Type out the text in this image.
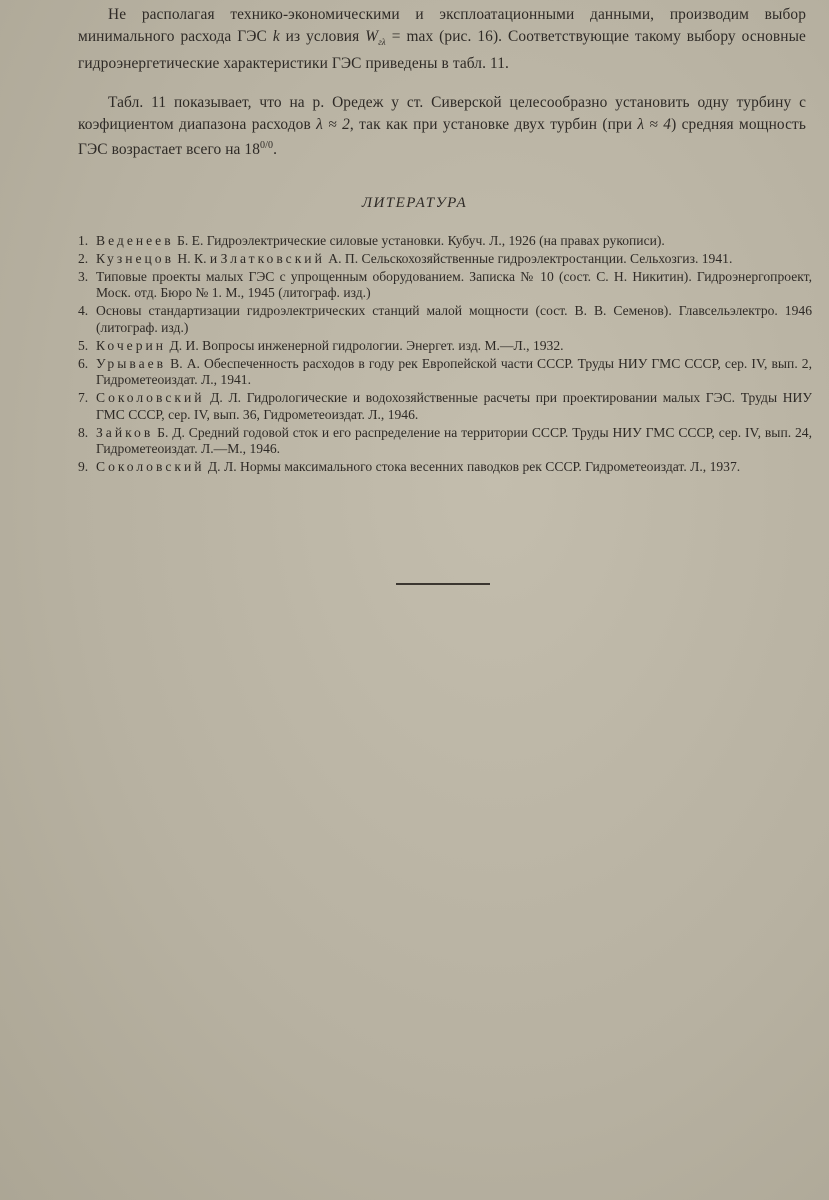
Не располагая технико-экономическими и эксплоатационными данными, производим выбор минимального расхода ГЭС k из условия $W_{г\lambda} = \max (рис$. 16). Соответствующие такому выбору основные гидроэнергетические характеристики ГЭС приведены в табл. 11.

Табл. 11 показывает, что на р. Оредеж у ст. Сиверской целесообразно установить одну турбину с коэфициентом диапазона расходов λ ≈ 2, так как при установке двух турбин (при λ ≈ 4) средняя мощность ГЭС возрастает всего на $18^{0/0}$.

ЛИТЕРАТУРА
1. Веденеев Б. Е. Гидроэлектрические силовые установки. Кубуч. Л., 1926 (на правах рукописи).
2. Кузнецов Н. К. и Златковский А. П. Сельскохозяйственные гидроэлектростанции. Сельхозгиз. 1941.
3. Типовые проекты малых ГЭС с упрощенным оборудованием. Записка № 10 (сост. С. Н. Никитин). Гидроэнергопроект, Моск. отд. Бюро № 1. М., 1945 (литограф. изд.)
4. Основы стандартизации гидроэлектрических станций малой мощности (сост. В. В. Семенов). Главсельэлектро. 1946 (литограф. изд.)
5. Кочерин Д. И. Вопросы инженерной гидрологии. Энергет. изд. М.—Л., 1932.
6. Урываев В. А. Обеспеченность расходов в году рек Европейской части СССР. Труды НИУ ГМС СССР, сер. IV, вып. 2, Гидрометеоиздат. Л., 1941.
7. Соколовский Д. Л. Гидрологические и водохозяйственные расчеты при проектировании малых ГЭС. Труды НИУ ГМС СССР, сер. IV, вып. 36, Гидрометеоиздат. Л., 1946.
8. Зайков Б. Д. Средний годовой сток и его распределение на территории СССР. Труды НИУ ГМС СССР, сер. IV, вып. 24, Гидрометеоиздат. Л.—М., 1946.
9. Соколовский Д. Л. Нормы максимального стока весенних паводков рек СССР. Гидрометеоиздат. Л., 1937.
